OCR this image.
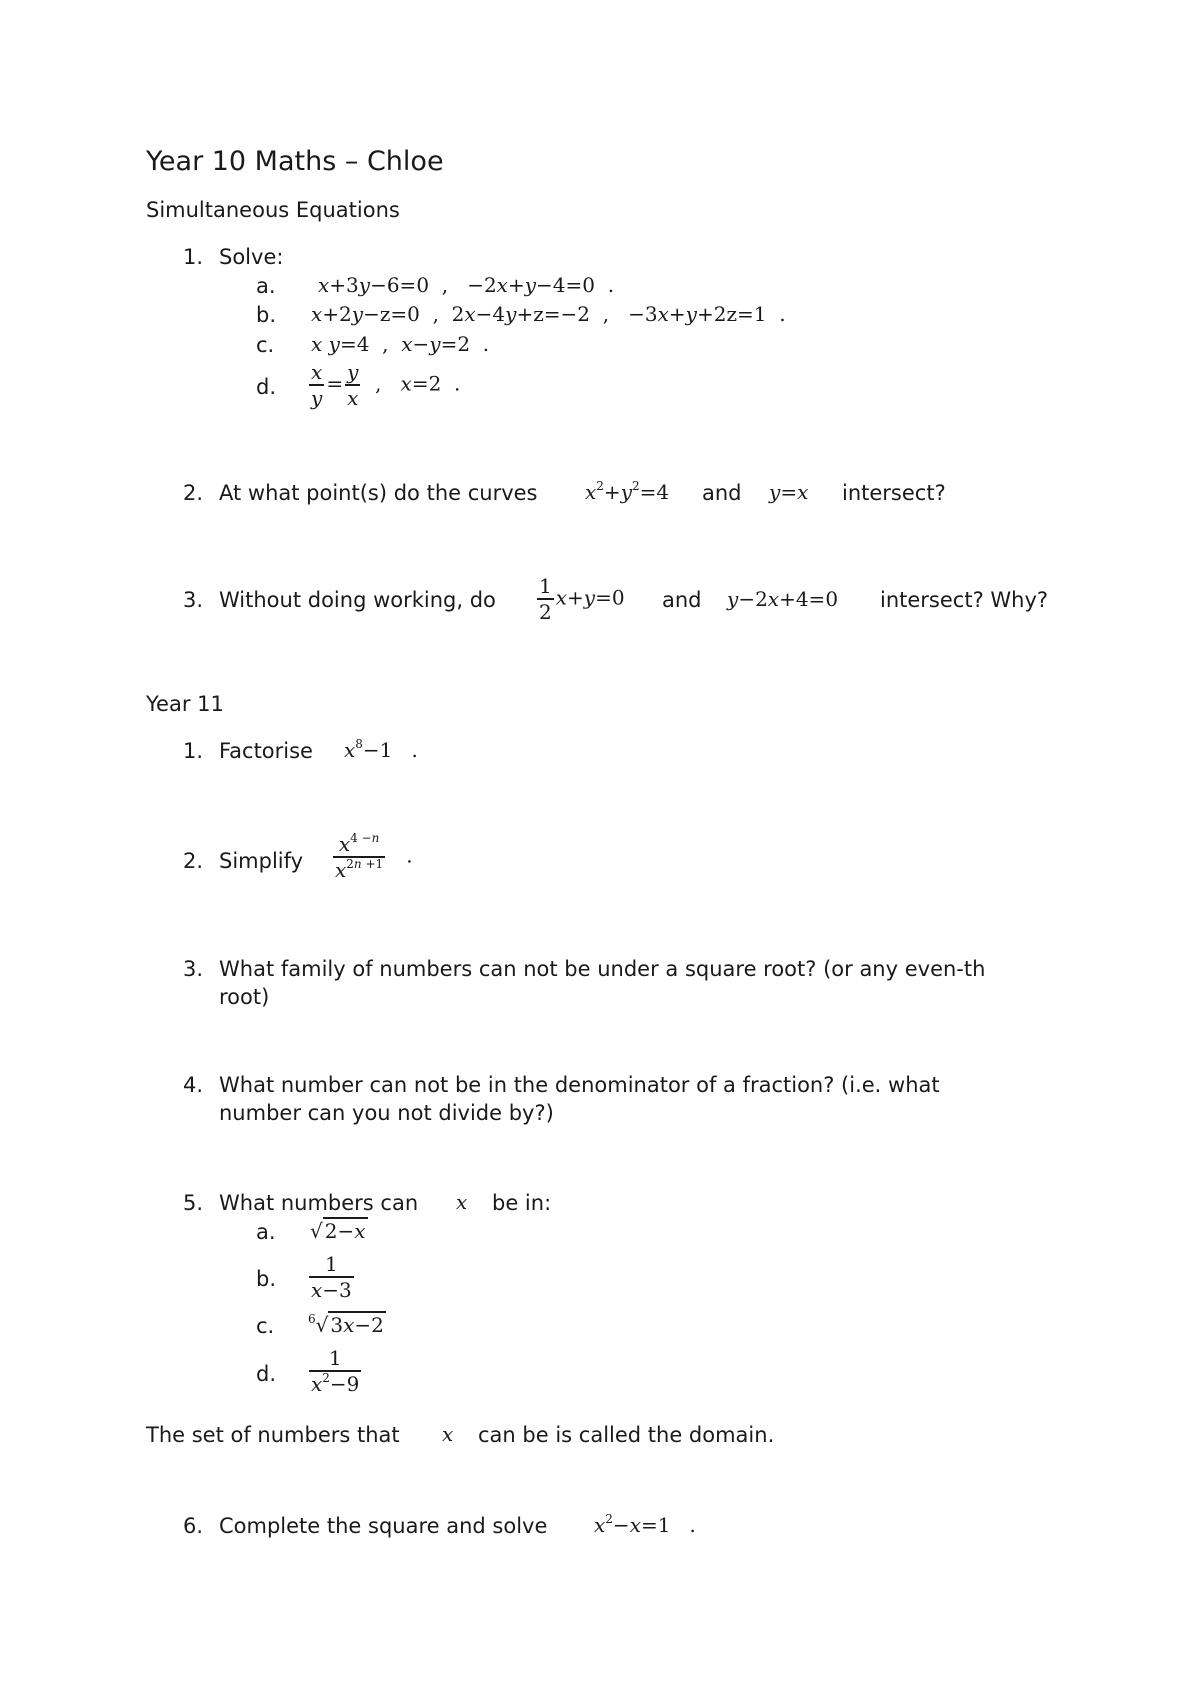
Year 10 Maths – Chloe
Simultaneous Equations
1. Solve:
a. x+3y−6=0  ,   −2x+y−4=0  .
b. x+2y−z=0  ,  2x−4y+z=−2  ,   −3x+y+2z=1  .
c. x y=4  ,  x−y=2  .
d. $\frac{x}{y} = \frac{y}{x}$ ,   x=2  .
2. At what point(s) do the curves $x^2+y^2=4$ and y=x intersect?
3. Without doing working, do $\frac{1}{2} x+y=0$ and y−2x+4=0 intersect? Why?
Year 11
1. Factorise $x^8-1$   .
2. Simplify $\frac{x^{4 -n}}{x^{2n +1}}$ .
3. What family of numbers can not be under a square root? (or any even-th
root)
4. What number can not be in the denominator of a fraction? (i.e. what
number can you not divide by?)
5. What numbers can x be in:
a. √ 2−x
b. $\frac{1}{x-3}$
c.	$^6$√ 3x−2
d. $\frac{1}{x^2-9}$
The set of numbers that x can be is called the domain.
6. Complete the square and solve $x^2-x=1$   .
